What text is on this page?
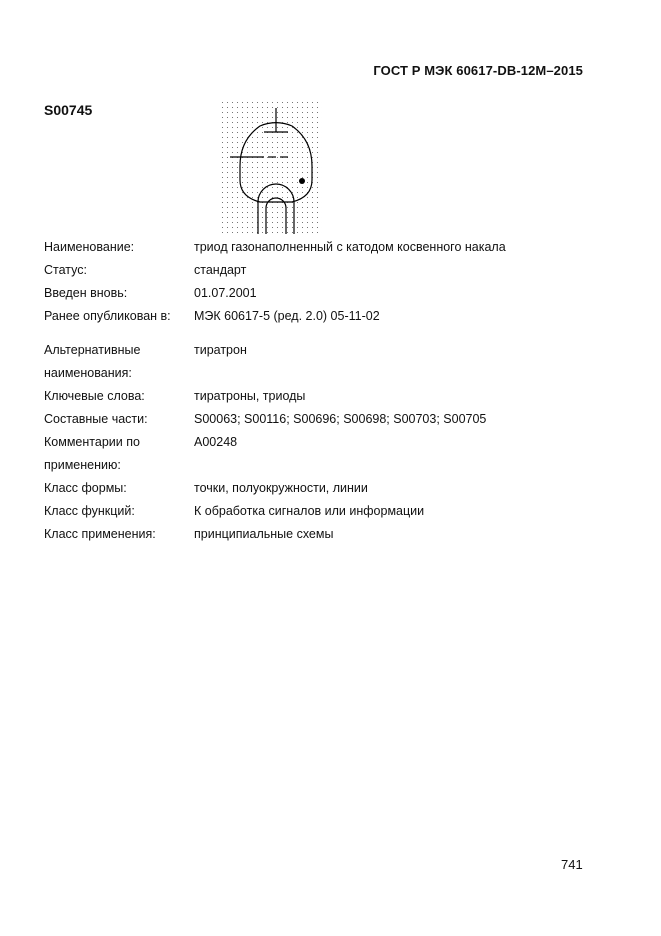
ГОСТ Р МЭК 60617-DB-12M–2015
S00745
Наименование:	триод газонаполненный с катодом косвенного накала
Статус:	стандарт
Введен вновь:	01.07.2001
Ранее опубликован в:	МЭК 60617-5 (ред. 2.0) 05-11-02
Альтернативные наименования:
тиратрон
Ключевые слова:	тиратроны, триоды
Составные части:	S00063; S00116; S00696; S00698; S00703; S00705
Комментарии по применению:
A00248
Класс формы:	точки, полуокружности, линии
Класс функций:	К обработка сигналов или информации
Класс применения:	принципиальные схемы
741
